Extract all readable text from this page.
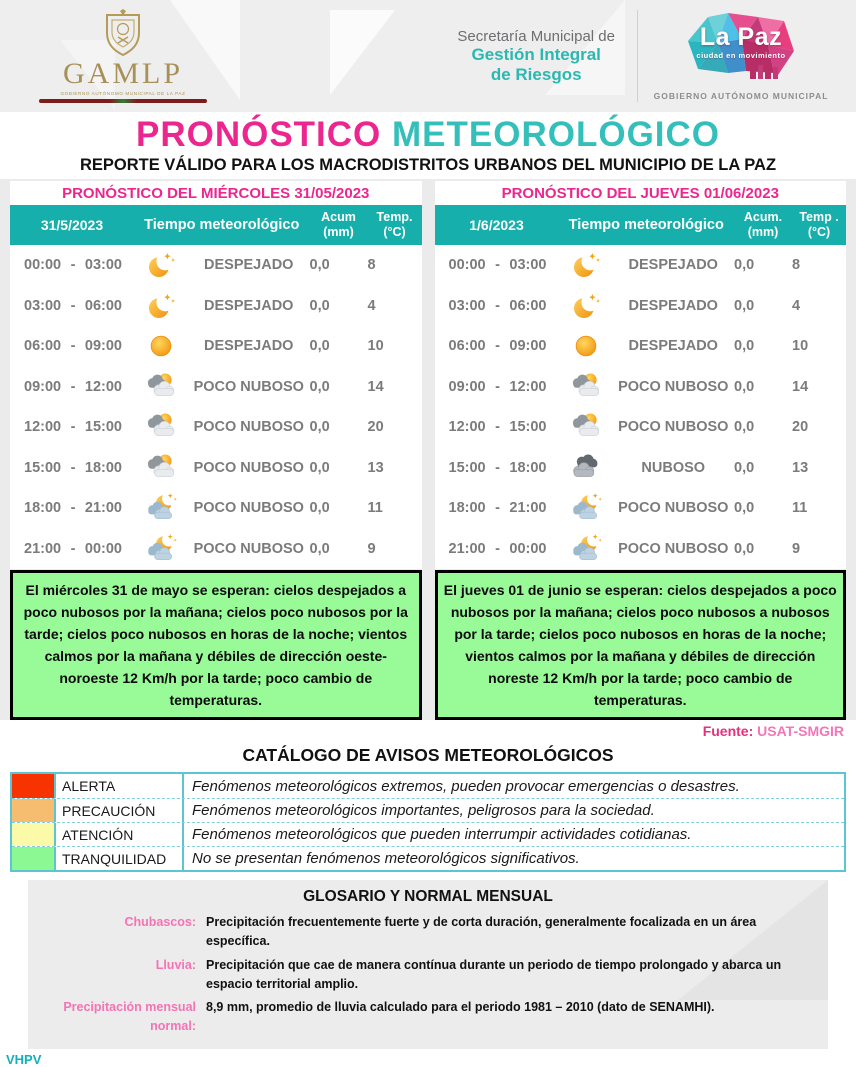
GAMLP
GOBIERNO AUTÓNOMO MUNICIPAL DE LA PAZ
Secretaría Municipal de
Gestión Integral
de Riesgos
La Paz
ciudad en movimiento
GOBIERNO AUTÓNOMO MUNICIPAL
PRONÓSTICO METEOROLÓGICO
REPORTE VÁLIDO PARA LOS MACRODISTRITOS URBANOS DEL MUNICIPIO DE LA PAZ
PRONÓSTICO DEL MIÉRCOLES 31/05/2023
31/5/2023	Tiempo meteorológico	Acum
(mm)
Temp.
(°C)
00:00 - 03:00	DESPEJADO	0,0	8
03:00 - 06:00	DESPEJADO	0,0	4
06:00 - 09:00	DESPEJADO	0,0	10
09:00 - 12:00	POCO NUBOSO 0,0	14
12:00 - 15:00	POCO NUBOSO 0,0	20
15:00 - 18:00	POCO NUBOSO 0,0	13
18:00 - 21:00	POCO NUBOSO 0,0	11
21:00 - 00:00	POCO NUBOSO 0,0	9

El miércoles 31 de mayo se esperan: cielos despejados a poco nubosos por la mañana; cielos poco nubosos por la tarde; cielos poco nubosos en horas de la noche; vientos calmos por la mañana y débiles de dirección oeste-noroeste 12 Km/h por la tarde; poco cambio de temperaturas.

PRONÓSTICO DEL JUEVES 01/06/2023
1/6/2023	Tiempo meteorológico	Acum.
(mm)
Temp .
(°C)
00:00 - 03:00	DESPEJADO	0,0	8
03:00 - 06:00	DESPEJADO	0,0	4
06:00 - 09:00	DESPEJADO	0,0	10
09:00 - 12:00	POCO NUBOSO 0,0	14
12:00 - 15:00	POCO NUBOSO 0,0	20
15:00 - 18:00	NUBOSO	0,0	13
18:00 - 21:00	POCO NUBOSO 0,0	11
21:00 - 00:00	POCO NUBOSO 0,0	9

El jueves 01 de junio se esperan: cielos despejados a poco nubosos por la mañana; cielos poco nubosos a nubosos por la tarde; cielos poco nubosos en horas de la noche; vientos calmos por la mañana y débiles de dirección noreste 12 Km/h por la tarde; poco cambio de temperaturas.

Fuente: USAT-SMGIR
CATÁLOGO DE AVISOS METEOROLÓGICOS
ALERTA	Fenómenos meteorológicos extremos, pueden provocar emergencias o desastres.
PRECAUCIÓN	Fenómenos meteorológicos importantes, peligrosos para la sociedad.
ATENCIÓN	Fenómenos meteorológicos que pueden interrumpir actividades cotidianas.
TRANQUILIDAD	No se presentan fenómenos meteorológicos significativos.
GLOSARIO Y NORMAL MENSUAL
Chubascos: Precipitación frecuentemente fuerte y de corta duración, generalmente focalizada en un área específica.
Lluvia: Precipitación que cae de manera contínua durante un periodo de tiempo prolongado y abarca un espacio territorial amplio.
Precipitación mensual normal:
8,9 mm, promedio de lluvia calculado para el periodo 1981 – 2010 (dato de SENAMHI).
VHPV
